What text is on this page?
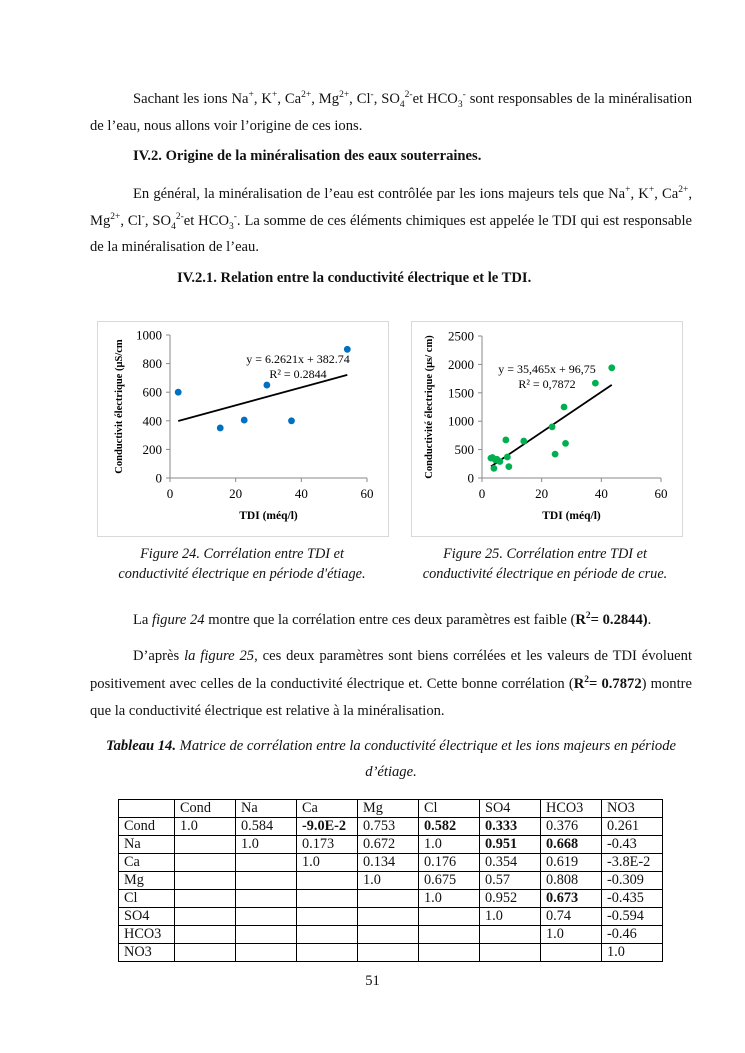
Sachant les ions Na+, K+, $Ca^{2+}$, $Mg^{2+}$, Cl-, $SO_4^{2-}et$ $HCO_3^-$ sont responsables de la minéralisation de l’eau, nous allons voir l’origine de ces ions.
IV.2. Origine de la minéralisation des eaux souterraines.
En général, la minéralisation de l’eau est contrôlée par les ions majeurs tels que Na+, K+, $Ca^{2+}$, $Mg^{2+}$, Cl-, $SO_4^{2-}et$ $HCO_3^-$. La somme de ces éléments chimiques est appelée le TDI qui est responsable de la minéralisation de l’eau.
IV.2.1. Relation entre la conductivité électrique et le TDI.
0	20	40	60
0
200
400
600
800
1000
TDI (méq/l)
Conductivit électrique (µS/cm	y = 6.2621x + 382.74
R² = 0.2844
0	20	40	60
0
500
1000
1500
2000
2500
TDI (méq/l)
Conductivité électrique (µs/ cm)	y = 35,465x + 96,75
R² = 0,7872
Figure 24. Corrélation entre TDI et
conductivité électrique en période d'étiage.
Figure 25. Corrélation entre TDI et
conductivité électrique en période de crue.
La figure 24 montre que la corrélation entre ces deux paramètres est faible $(R^2= 0.2844)$.
D’après la figure 25, ces deux paramètres sont biens corrélées et les valeurs de TDI évoluent positivement avec celles de la conductivité électrique et. Cette bonne corrélation $(R^2= 0.7872)$ montre que la conductivité électrique est relative à la minéralisation.
Tableau 14. Matrice de corrélation entre la conductivité électrique et les ions majeurs en période d’étiage.
	Cond	Na	Ca	Mg	Cl	SO4	HCO3	NO3
Cond	1.0	0.584	-9.0E-2	0.753	0.582	0.333	0.376	0.261
Na		1.0	0.173	0.672	1.0	0.951	0.668	-0.43
Ca			1.0	0.134	0.176	0.354	0.619	-3.8E-2
Mg				1.0	0.675	0.57	0.808	-0.309
Cl					1.0	0.952	0.673	-0.435
SO4						1.0	0.74	-0.594
HCO3							1.0	-0.46
NO3								1.0
51
